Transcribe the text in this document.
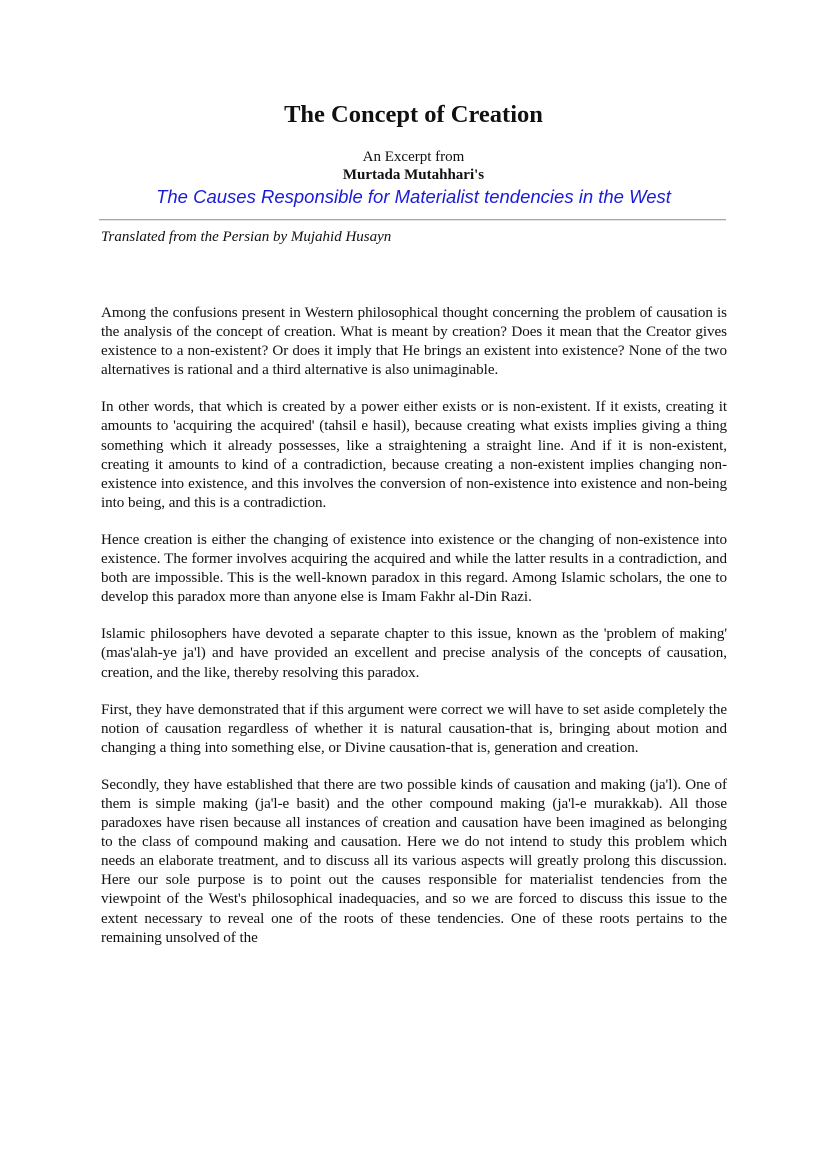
The Concept of Creation
An Excerpt from
Murtada Mutahhari's
The Causes Responsible for Materialist tendencies in the West
Translated from the Persian by Mujahid Husayn

Among the confusions present in Western philosophical thought concerning the problem of causation is the analysis of the concept of creation. What is meant by creation? Does it mean that the Creator gives existence to a non-existent? Or does it imply that He brings an existent into existence? None of the two alternatives is rational and a third alternative is also unimaginable.

In other words, that which is created by a power either exists or is non-existent. If it exists, creating it amounts to 'acquiring the acquired' (tahsil e hasil), because creating what exists implies giving a thing something which it already possesses, like a straightening a straight line. And if it is non-existent, creating it amounts to kind of a contradiction, because creating a non-existent implies changing non-existence into existence, and this involves the conversion of non-existence into existence and non-being into being, and this is a contradiction.

Hence creation is either the changing of existence into existence or the changing of non-existence into existence. The former involves acquiring the acquired and while the latter results in a contradiction, and both are impossible. This is the well-known paradox in this regard. Among Islamic scholars, the one to develop this paradox more than anyone else is Imam Fakhr al-Din Razi.

Islamic philosophers have devoted a separate chapter to this issue, known as the 'problem of making' (mas'alah-ye ja'l) and have provided an excellent and precise analysis of the concepts of causation, creation, and the like, thereby resolving this paradox.

First, they have demonstrated that if this argument were correct we will have to set aside completely the notion of causation regardless of whether it is natural causation-that is, bringing about motion and changing a thing into something else, or Divine causation-that is, generation and creation.

Secondly, they have established that there are two possible kinds of causation and making (ja'l). One of them is simple making (ja'l-e basit) and the other compound making (ja'l-e murakkab). All those paradoxes have risen because all instances of creation and causation have been imagined as belonging to the class of compound making and causation. Here we do not intend to study this problem which needs an elaborate treatment, and to discuss all its various aspects will greatly prolong this discussion. Here our sole purpose is to point out the causes responsible for materialist tendencies from the viewpoint of the West's philosophical inadequacies, and so we are forced to discuss this issue to the extent necessary to reveal one of the roots of these tendencies. One of these roots pertains to the remaining unsolved of the
